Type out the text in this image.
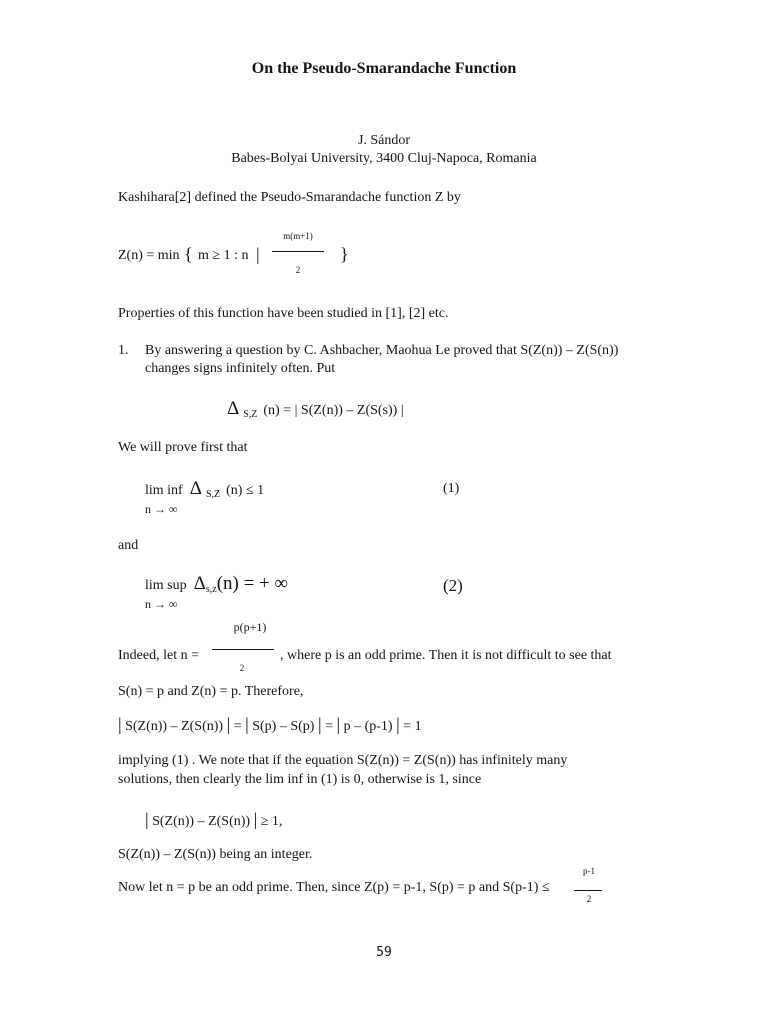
On the Pseudo-Smarandache Function
J. Sándor
Babes-Bolyai University, 3400 Cluj-Napoca, Romania
Kashihara[2] defined the Pseudo-Smarandache function Z by
m(m+1)
2
Z(n) = min { m ≥ 1 : n |	}
Properties of this function have been studied in [1], [2] etc.
1. By answering a question by C. Ashbacher, Maohua Le proved that S(Z(n)) – Z(S(n))
changes signs infinitely often. Put
Δ $_{S,Z}$ (n) = | S(Z(n)) – Z(S(s)) |
We will prove first that
lim inf Δ $_{S,Z}$ (n) ≤ 1
n → ∞
(1)
and
lim sup $\Delta_{s,z}(n)$ = + ∞
n → ∞
(2)
p(p+1)
2
Indeed, let n =	, where p is an odd prime. Then it is not difficult to see that
S(n) = p and Z(n) = p. Therefore,
| S(Z(n)) – Z(S(n)) | = | S(p) – S(p) | = | p – (p-1) | = 1
implying (1) . We note that if the equation S(Z(n)) = Z(S(n)) has infinitely many
solutions, then clearly the lim inf in (1) is 0, otherwise is 1, since
| S(Z(n)) – Z(S(n)) | ≥ 1,
S(Z(n)) – Z(S(n)) being an integer.
p-1
2
Now let n = p be an odd prime. Then, since Z(p) = p-1, S(p) = p and S(p-1) ≤
59
